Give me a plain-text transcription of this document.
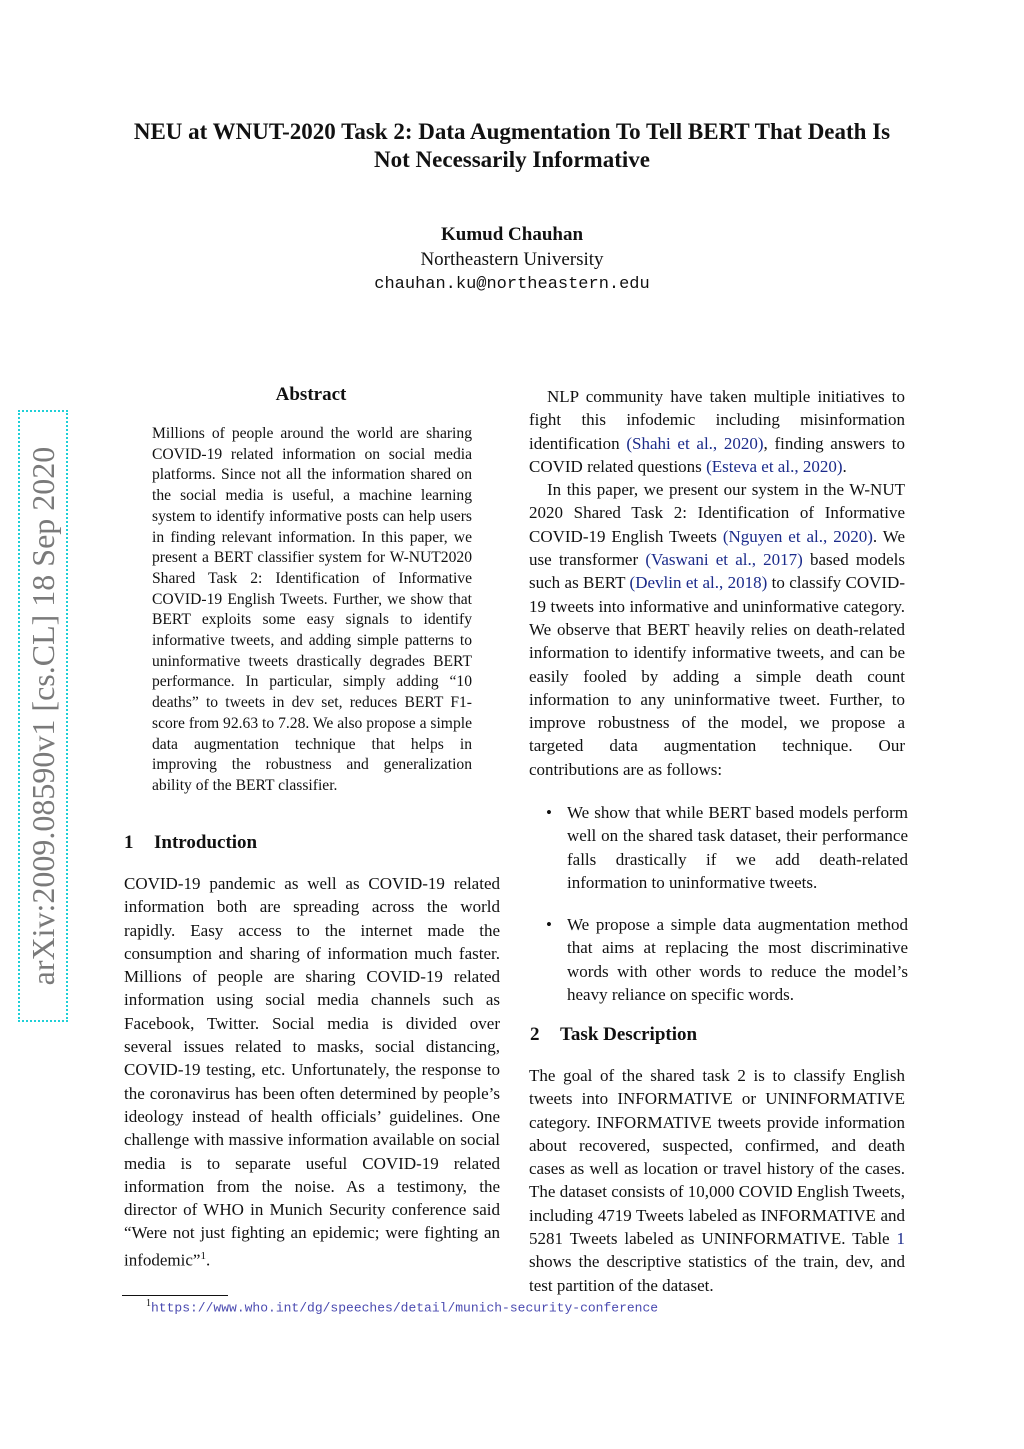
NEU at WNUT-2020 Task 2: Data Augmentation To Tell BERT That Death Is Not Necessarily Informative
Kumud Chauhan
Northeastern University
chauhan.ku@northeastern.edu
arXiv:2009.08590v1 [cs.CL] 18 Sep 2020
Abstract
Millions of people around the world are sharing COVID-19 related information on social media platforms. Since not all the information shared on the social media is useful, a machine learning system to identify informative posts can help users in finding relevant information. In this paper, we present a BERT classifier system for W-NUT2020 Shared Task 2: Identification of Informative COVID-19 English Tweets. Further, we show that BERT exploits some easy signals to identify informative tweets, and adding simple patterns to uninformative tweets drastically degrades BERT performance. In particular, simply adding “10 deaths” to tweets in dev set, reduces BERT F1-score from 92.63 to 7.28. We also propose a simple data augmentation technique that helps in improving the robustness and generalization ability of the BERT classifier.
1 Introduction

COVID-19 pandemic as well as COVID-19 related information both are spreading across the world rapidly. Easy access to the internet made the consumption and sharing of information much faster. Millions of people are sharing COVID-19 related information using social media channels such as Facebook, Twitter. Social media is divided over several issues related to masks, social distancing, COVID-19 testing, etc. Unfortunately, the response to the coronavirus has been often determined by people’s ideology instead of health officials’ guidelines. One challenge with massive information available on social media is to separate useful COVID-19 related information from the noise. As a testimony, the director of WHO in Munich Security conference said “Were not just fighting an epidemic; were fighting an infodemic”$^1$.

$^1$https://www.who.int/dg/speeches/detail/munich-security-conference

NLP community have taken multiple initiatives to fight this infodemic including misinformation identification (Shahi et al., 2020), finding answers to COVID related questions (Esteva et al., 2020).

In this paper, we present our system in the W-NUT 2020 Shared Task 2: Identification of Informative COVID-19 English Tweets (Nguyen et al., 2020). We use transformer (Vaswani et al., 2017) based models such as BERT (Devlin et al., 2018) to classify COVID-19 tweets into informative and uninformative category. We observe that BERT heavily relies on death-related information to identify informative tweets, and can be easily fooled by adding a simple death count information to any uninformative tweet. Further, to improve robustness of the model, we propose a targeted data augmentation technique. Our contributions are as follows:

• We show that while BERT based models perform well on the shared task dataset, their performance falls drastically if we add death-related information to uninformative tweets.
• We propose a simple data augmentation method that aims at replacing the most discriminative words with other words to reduce the model’s heavy reliance on specific words.
2 Task Description

The goal of the shared task 2 is to classify English tweets into INFORMATIVE or UNINFORMATIVE category. INFORMATIVE tweets provide information about recovered, suspected, confirmed, and death cases as well as location or travel history of the cases. The dataset consists of 10,000 COVID English Tweets, including 4719 Tweets labeled as INFORMATIVE and 5281 Tweets labeled as UNINFORMATIVE. Table 1 shows the descriptive statistics of the train, dev, and test partition of the dataset.
